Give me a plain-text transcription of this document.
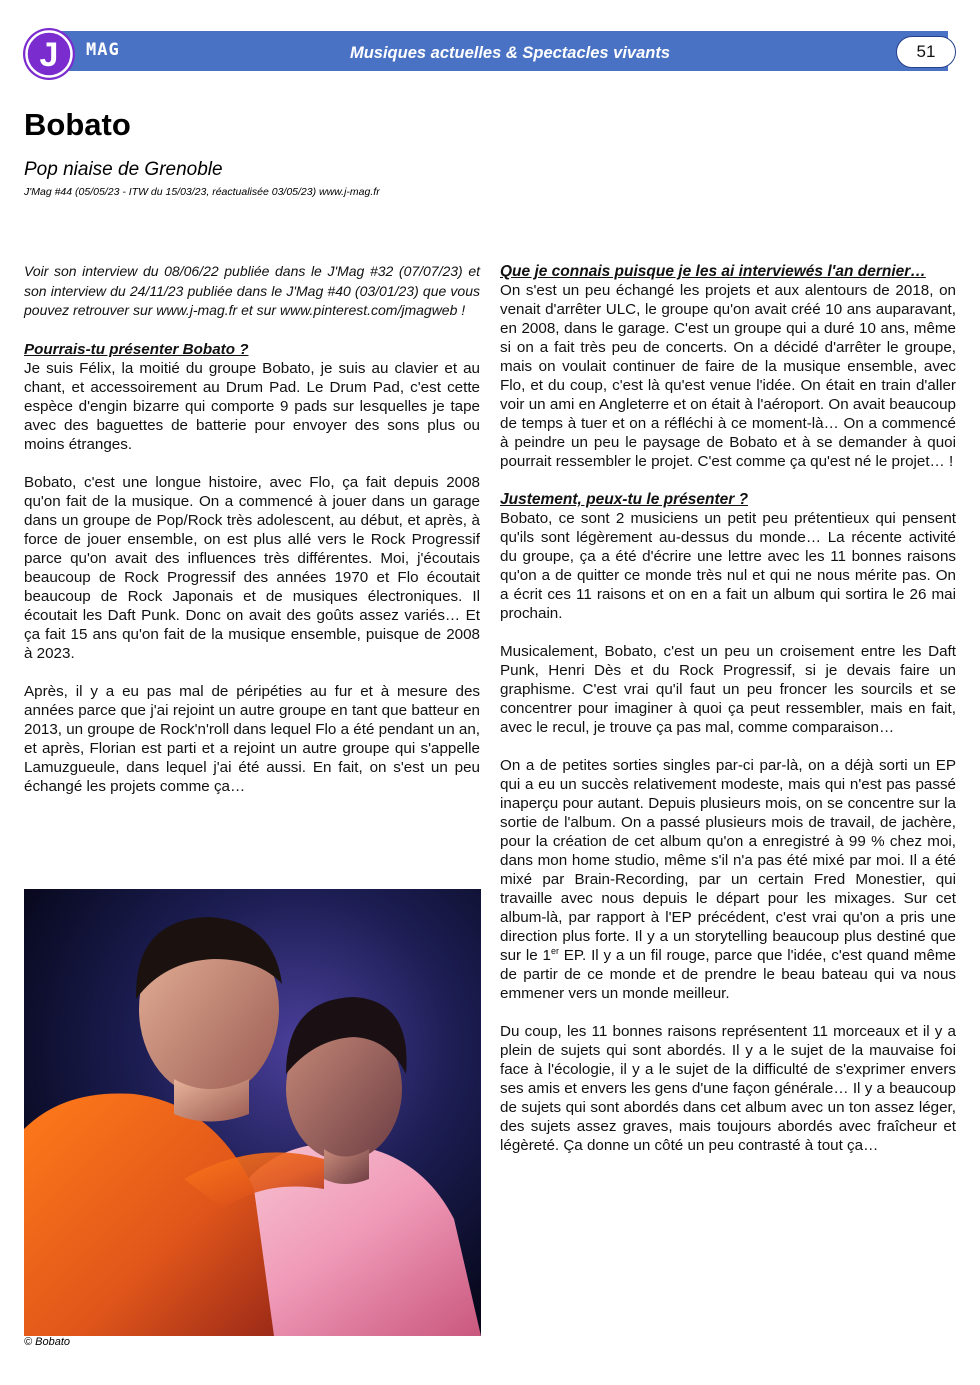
J MAG	Musiques actuelles & Spectacles vivants	51
Bobato
Pop niaise de Grenoble
J'Mag #44 (05/05/23 - ITW du 15/03/23, réactualisée 03/05/23) www.j-mag.fr

Voir son interview du 08/06/22 publiée dans le J'Mag #32 (07/07/23) et son interview du 24/11/23 publiée dans le J'Mag #40 (03/01/23) que vous pouvez retrouver sur www.j-mag.fr et sur www.pinterest.com/jmagweb !

Pourrais-tu présenter Bobato ?
Je suis Félix, la moitié du groupe Bobato, je suis au clavier et au chant, et accessoirement au Drum Pad. Le Drum Pad, c'est cette espèce d'engin bizarre qui comporte 9 pads sur lesquelles je tape avec des baguettes de batterie pour envoyer des sons plus ou moins étranges.

Bobato, c'est une longue histoire, avec Flo, ça fait depuis 2008 qu'on fait de la musique. On a commencé à jouer dans un garage dans un groupe de Pop/Rock très adolescent, au début, et après, à force de jouer ensemble, on est plus allé vers le Rock Progressif parce qu'on avait des influences très différentes. Moi, j'écoutais beaucoup de Rock Progressif des années 1970 et Flo écoutait beaucoup de Rock Japonais et de musiques électroniques. Il écoutait les Daft Punk. Donc on avait des goûts assez variés… Et ça fait 15 ans qu'on fait de la musique ensemble, puisque de 2008 à 2023.

Après, il y a eu pas mal de péripéties au fur et à mesure des années parce que j'ai rejoint un autre groupe en tant que batteur en 2013, un groupe de Rock'n'roll dans lequel Flo a été pendant un an, et après, Florian est parti et a rejoint un autre groupe qui s'appelle Lamuzgueule, dans lequel j'ai été aussi. En fait, on s'est un peu échangé les projets comme ça…

© Bobato

Que je connais puisque je les ai interviewés l'an dernier…
On s'est un peu échangé les projets et aux alentours de 2018, on venait d'arrêter ULC, le groupe qu'on avait créé 10 ans auparavant, en 2008, dans le garage. C'est un groupe qui a duré 10 ans, même si on a fait très peu de concerts. On a décidé d'arrêter le groupe, mais on voulait continuer de faire de la musique ensemble, avec Flo, et du coup, c'est là qu'est venue l'idée. On était en train d'aller voir un ami en Angleterre et on était à l'aéroport. On avait beaucoup de temps à tuer et on a réfléchi à ce moment-là… On a commencé à peindre un peu le paysage de Bobato et à se demander à quoi pourrait ressembler le projet. C'est comme ça qu'est né le projet… !

Justement, peux-tu le présenter ?
Bobato, ce sont 2 musiciens un petit peu prétentieux qui pensent qu'ils sont légèrement au-dessus du monde… La récente activité du groupe, ça a été d'écrire une lettre avec les 11 bonnes raisons qu'on a de quitter ce monde très nul et qui ne nous mérite pas. On a écrit ces 11 raisons et on en a fait un album qui sortira le 26 mai prochain.

Musicalement, Bobato, c'est un peu un croisement entre les Daft Punk, Henri Dès et du Rock Progressif, si je devais faire un graphisme. C'est vrai qu'il faut un peu froncer les sourcils et se concentrer pour imaginer à quoi ça peut ressembler, mais en fait, avec le recul, je trouve ça pas mal, comme comparaison…

On a de petites sorties singles par-ci par-là, on a déjà sorti un EP qui a eu un succès relativement modeste, mais qui n'est pas passé inaperçu pour autant. Depuis plusieurs mois, on se concentre sur la sortie de l'album. On a passé plusieurs mois de travail, de jachère, pour la création de cet album qu'on a enregistré à 99 % chez moi, dans mon home studio, même s'il n'a pas été mixé par moi. Il a été mixé par Brain-Recording, par un certain Fred Monestier, qui travaille avec nous depuis le départ pour les mixages. Sur cet album-là, par rapport à l'EP précédent, c'est vrai qu'on a pris une direction plus forte. Il y a un storytelling beaucoup plus destiné que sur le 1er EP. Il y a un fil rouge, parce que l'idée, c'est quand même de partir de ce monde et de prendre le beau bateau qui va nous emmener vers un monde meilleur.

Du coup, les 11 bonnes raisons représentent 11 morceaux et il y a plein de sujets qui sont abordés. Il y a le sujet de la mauvaise foi face à l'écologie, il y a le sujet de la difficulté de s'exprimer envers ses amis et envers les gens d'une façon générale… Il y a beaucoup de sujets qui sont abordés dans cet album avec un ton assez léger, des sujets assez graves, mais toujours abordés avec fraîcheur et légèreté. Ça donne un côté un peu contrasté à tout ça…
